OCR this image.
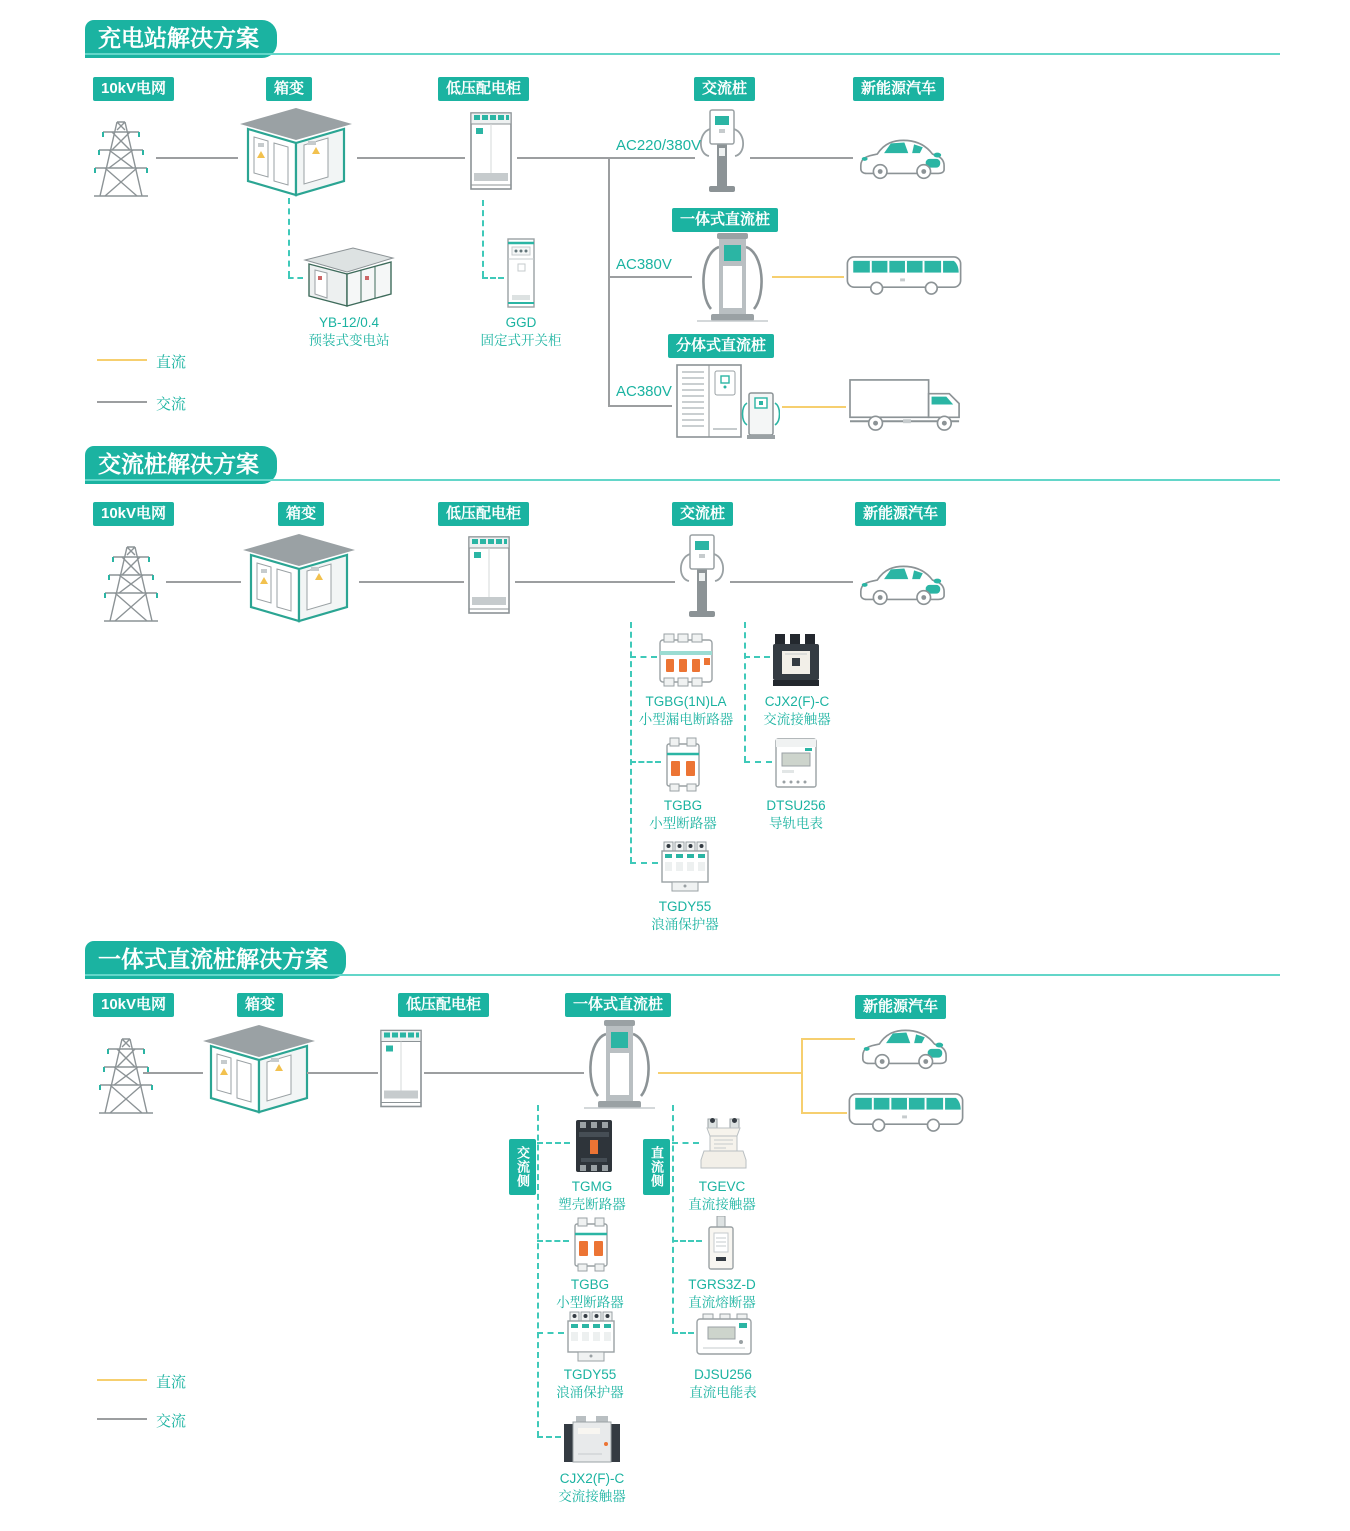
充电站解决方案
10kV电网	箱变	低压配电柜	交流桩	新能源汽车
一体式直流桩
分体式直流桩
AC220/380V
AC380V
AC380V
YB-12/0.4
预装式变电站
GGD
固定式开关柜
直流
交流
交流桩解决方案
10kV电网	箱变	低压配电柜	交流桩	新能源汽车
TGBG(1N)LA
小型漏电断路器
CJX2(F)-C
交流接触器
TGBG
小型断路器
DTSU256
导轨电表
TGDY55
浪涌保护器
一体式直流桩解决方案
10kV电网	箱变	低压配电柜	一体式直流桩	新能源汽车
交流侧	直流侧
TGMG
塑壳断路器
TGEVC
直流接触器
TGBG
小型断路器
TGRS3Z-D
直流熔断器
TGDY55
浪涌保护器
DJSU256
直流电能表
CJX2(F)-C
交流接触器
直流
交流
